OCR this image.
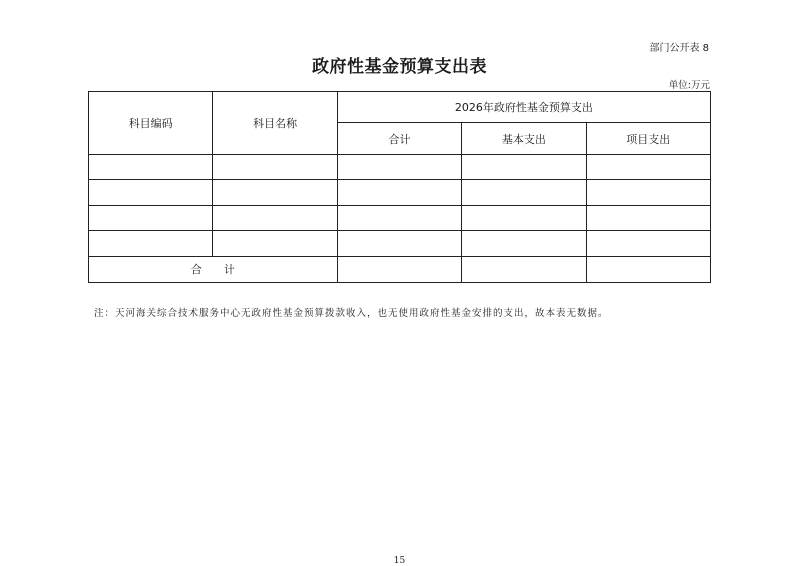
部门公开表 8
政府性基金预算支出表
单位:万元
科目编码	科目名称	2026年政府性基金预算支出		
		合计	基本支出	项目支出

合计				
注：天河海关综合技术服务中心无政府性基金预算拨款收入，也无使用政府性基金安排的支出，故本表无数据。
15
